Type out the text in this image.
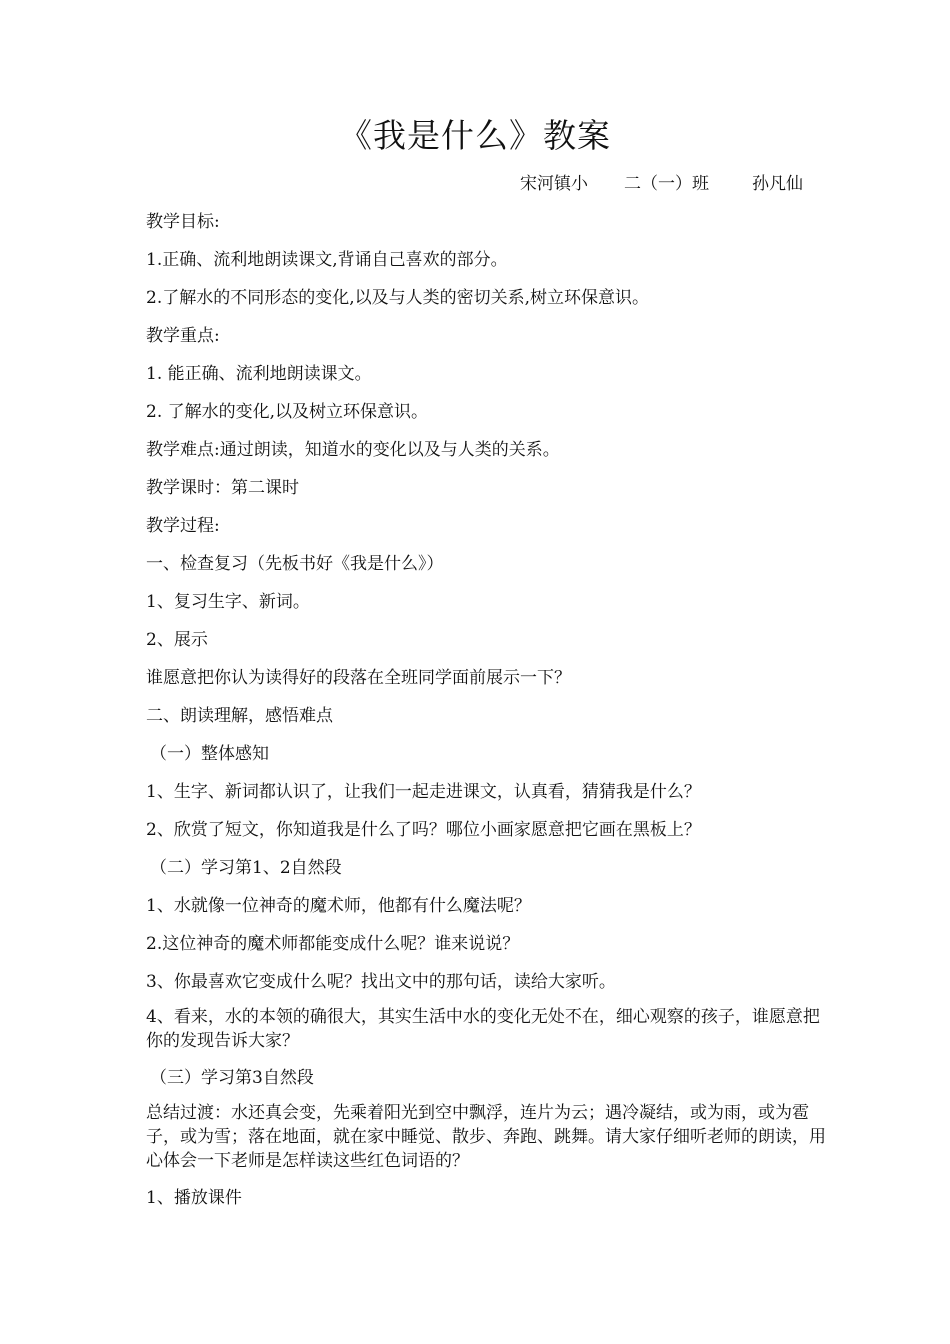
《我是什么》教案
宋河镇小 二（一）班	孙凡仙

教学目标:

1.正确、流利地朗读课文,背诵自己喜欢的部分。

2.了解水的不同形态的变化,以及与人类的密切关系,树立环保意识。

教学重点:

1. 能正确、流利地朗读课文。

2. 了解水的变化,以及树立环保意识。

教学难点:通过朗读，知道水的变化以及与人类的关系。

教学课时：第二课时

教学过程:

一、检查复习（先板书好《我是什么》）

1、复习生字、新词。

2、展示

谁愿意把你认为读得好的段落在全班同学面前展示一下？

二、朗读理解，感悟难点

（一）整体感知

1、生字、新词都认识了，让我们一起走进课文，认真看，猜猜我是什么？

2、欣赏了短文，你知道我是什么了吗？哪位小画家愿意把它画在黑板上？

（二）学习第1、2自然段

1、水就像一位神奇的魔术师，他都有什么魔法呢？

2.这位神奇的魔术师都能变成什么呢？谁来说说？

3、你最喜欢它变成什么呢？找出文中的那句话，读给大家听。

4、看来，水的本领的确很大，其实生活中水的变化无处不在，细心观察的孩子，谁愿意把你的发现告诉大家？

（三）学习第3自然段

总结过渡：水还真会变，先乘着阳光到空中飘浮，连片为云；遇冷凝结，或为雨，或为雹子，或为雪；落在地面，就在家中睡觉、散步、奔跑、跳舞。请大家仔细听老师的朗读，用心体会一下老师是怎样读这些红色词语的？

1、播放课件
